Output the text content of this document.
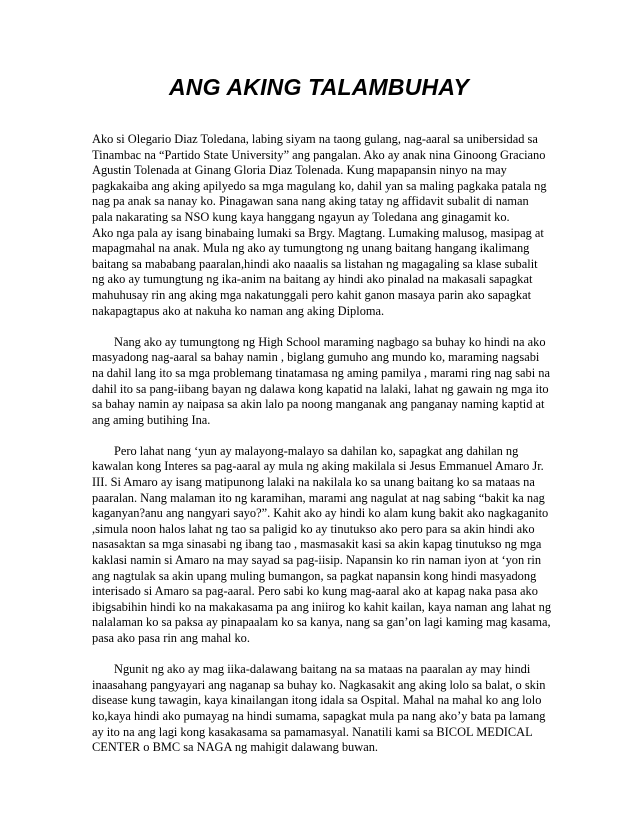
ANG AKING TALAMBUHAY

Ako si Olegario Diaz Toledana, labing siyam na taong gulang, nag-aaral sa unibersidad sa Tinambac na “Partido State University” ang pangalan. Ako ay anak nina Ginoong Graciano Agustin Tolenada at Ginang Gloria Diaz Tolenada. Kung mapapansin ninyo na may pagkakaiba ang aking apilyedo sa mga magulang ko, dahil yan sa maling pagkaka patala ng nag pa anak sa nanay ko. Pinagawan sana nang aking tatay ng affidavit subalit di naman pala nakarating sa NSO kung kaya hanggang ngayun ay Toledana ang ginagamit ko.

Ako nga pala ay isang binabaing lumaki sa Brgy. Magtang. Lumaking malusog, masipag at mapagmahal na anak. Mula ng ako ay tumungtong ng unang baitang hangang ikalimang baitang sa mababang paaralan,hindi ako naaalis sa listahan ng magagaling sa klase subalit ng ako ay tumungtung ng ika-anim na baitang ay hindi ako pinalad na makasali sapagkat mahuhusay rin ang aking mga nakatunggali pero kahit ganon masaya parin ako sapagkat nakapagtapus ako at nakuha ko naman ang aking Diploma.

Nang ako ay tumungtong ng High School maraming nagbago sa buhay ko hindi na ako masyadong nag-aaral sa bahay namin , biglang gumuho ang mundo ko, maraming nagsabi na dahil lang ito sa mga problemang tinatamasa ng aming pamilya , marami ring nag sabi na dahil ito sa pang-iibang bayan ng dalawa kong kapatid na lalaki, lahat ng gawain ng mga ito sa bahay namin ay naipasa sa akin lalo pa noong manganak ang panganay naming kaptid at ang aming butihing Ina.

Pero lahat nang ‘yun ay malayong-malayo sa dahilan ko, sapagkat ang dahilan ng kawalan kong Interes sa pag-aaral ay mula ng aking makilala si Jesus Emmanuel Amaro Jr. III. Si Amaro ay isang matipunong lalaki na nakilala ko sa unang baitang ko sa mataas na paaralan. Nang malaman ito ng karamihan, marami ang nagulat at nag sabing “bakit ka nag kaganyan?anu ang nangyari sayo?”. Kahit ako ay hindi ko alam kung bakit ako nagkaganito ,simula noon halos lahat ng tao sa paligid ko ay tinutukso ako pero para sa akin hindi ako nasasaktan sa mga sinasabi ng ibang tao , masmasakit kasi sa akin kapag tinutukso ng mga kaklasi namin si Amaro na may sayad sa pag-iisip. Napansin ko rin naman iyon at ‘yon rin ang nagtulak sa akin upang muling bumangon, sa pagkat napansin kong hindi masyadong interisado si Amaro sa pag-aaral. Pero sabi ko kung mag-aaral ako at kapag naka pasa ako ibigsabihin hindi ko na makakasama pa ang iniirog ko kahit kailan, kaya naman ang lahat ng nalalaman ko sa paksa ay pinapaalam ko sa kanya, nang sa gan’on lagi kaming mag kasama, pasa ako pasa rin ang mahal ko.

Ngunit ng ako ay mag iika-dalawang baitang na sa mataas na paaralan ay may hindi inaasahang pangyayari ang naganap sa buhay ko. Nagkasakit ang aking lolo sa balat, o skin disease kung tawagin, kaya kinailangan itong idala sa Ospital. Mahal na mahal ko ang lolo ko,kaya hindi ako pumayag na hindi sumama, sapagkat mula pa nang ako’y bata pa lamang ay ito na ang lagi kong kasakasama sa pamamasyal. Nanatili kami sa BICOL MEDICAL CENTER o BMC sa NAGA ng mahigit dalawang buwan.
